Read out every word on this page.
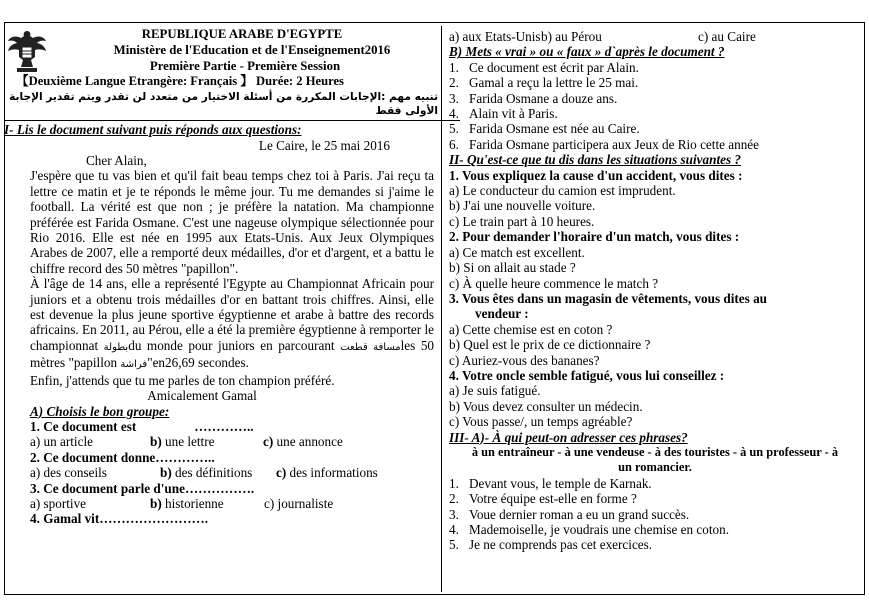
REPUBLIQUE ARABE D'EGYPTE
Ministère de l'Education et de l'Enseignement2016
Première Partie - Première Session
【Deuxième Langue Etrangère: Français 】 Durée: 2 Heures
تنبيه مهم :الإجابات المكررة من أسئلة الاختيار من متعدد لن تقدر ويتم تقدير الإجابة الأولى فقط
I- Lis le document suivant puis réponds aux questions:
Le Caire, le 25 mai 2016
Cher Alain,

J'espère que tu vas bien et qu'il fait beau temps chez toi à Paris. J'ai reçu ta lettre ce matin et je te réponds le même jour. Tu me demandes si j'aime le football. La vérité est que non ; je préfère la natation. Ma championne préférée est Farida Osmane. C'est une nageuse olympique sélectionnée pour Rio 2016. Elle est née en 1995 aux Etats-Unis. Aux Jeux Olympiques Arabes de 2007, elle a remporté deux médailles, d'or et d'argent, et a battu le chiffre record des 50 mètres "papillon".

À l'âge de 14 ans, elle a représenté l'Egypte au Championnat Africain pour juniors et a obtenu trois médailles d'or en battant trois chiffres. Ainsi, elle est devenue la plus jeune sportive égyptienne et arabe à battre des records africains. En 2011, au Pérou, elle a été la première égyptienne à remporter le championnat بطولةdu monde pour juniors en parcourant مسافة قطعتles 50 mètres "papillon فراشة"en26,69 secondes.

Enfin, j'attends que tu me parles de ton champion préféré.

Amicalement Gamal
A) Choisis le bon groupe:
1. Ce document est	…………..
a) un article	b) une lettre	c) une annonce
2. Ce document donne…………..
a) des conseils	b) des définitions	c) des informations
3. Ce document parle d'une…………….
a) sportive	b) historienne	c) journaliste
4. Gamal vit…………………….
a) aux Etats-Unis b) au Pérou	c) au Caire
B) Mets « vrai » ou « faux » d`après le document ?
1. Ce document est écrit par Alain.
2. Gamal a reçu la lettre le 25 mai.
3. Farida Osmane a douze ans.
4. Alain vit à Paris.
5. Farida Osmane est née au Caire.
6. Farida Osmane participera aux Jeux de Rio cette année
II- Qu'est-ce que tu dis dans les situations suivantes ?
1. Vous expliquez la cause d'un accident, vous dites :
a) Le conducteur du camion est imprudent.
b) J'ai une nouvelle voiture.
c) Le train part à 10 heures.
2. Pour demander l'horaire d'un match, vous dites :
a) Ce match est excellent.
b) Si on allait au stade ?
c) À quelle heure commence le match ?
3. Vous êtes dans un magasin de vêtements, vous dites au
vendeur :
a) Cette chemise est en coton ?
b) Quel est le prix de ce dictionnaire ?
c) Auriez-vous des bananes?
4. Votre oncle semble fatigué, vous lui conseillez :
a) Je suis fatigué.
b) Vous devez consulter un médecin.
c) Vous passe/, un temps agréable?
III- A)- À qui peut-on adresser ces phrases?
à un entraîneur - à une vendeuse - à des touristes - à un professeur - à
un romancier.
1. Devant vous, le temple de Karnak.
2. Votre équipe est-elle en forme ?
3. Voue dernier roman a eu un grand succès.
4. Mademoiselle, je voudrais une chemise en coton.
5. Je ne comprends pas cet exercices.
